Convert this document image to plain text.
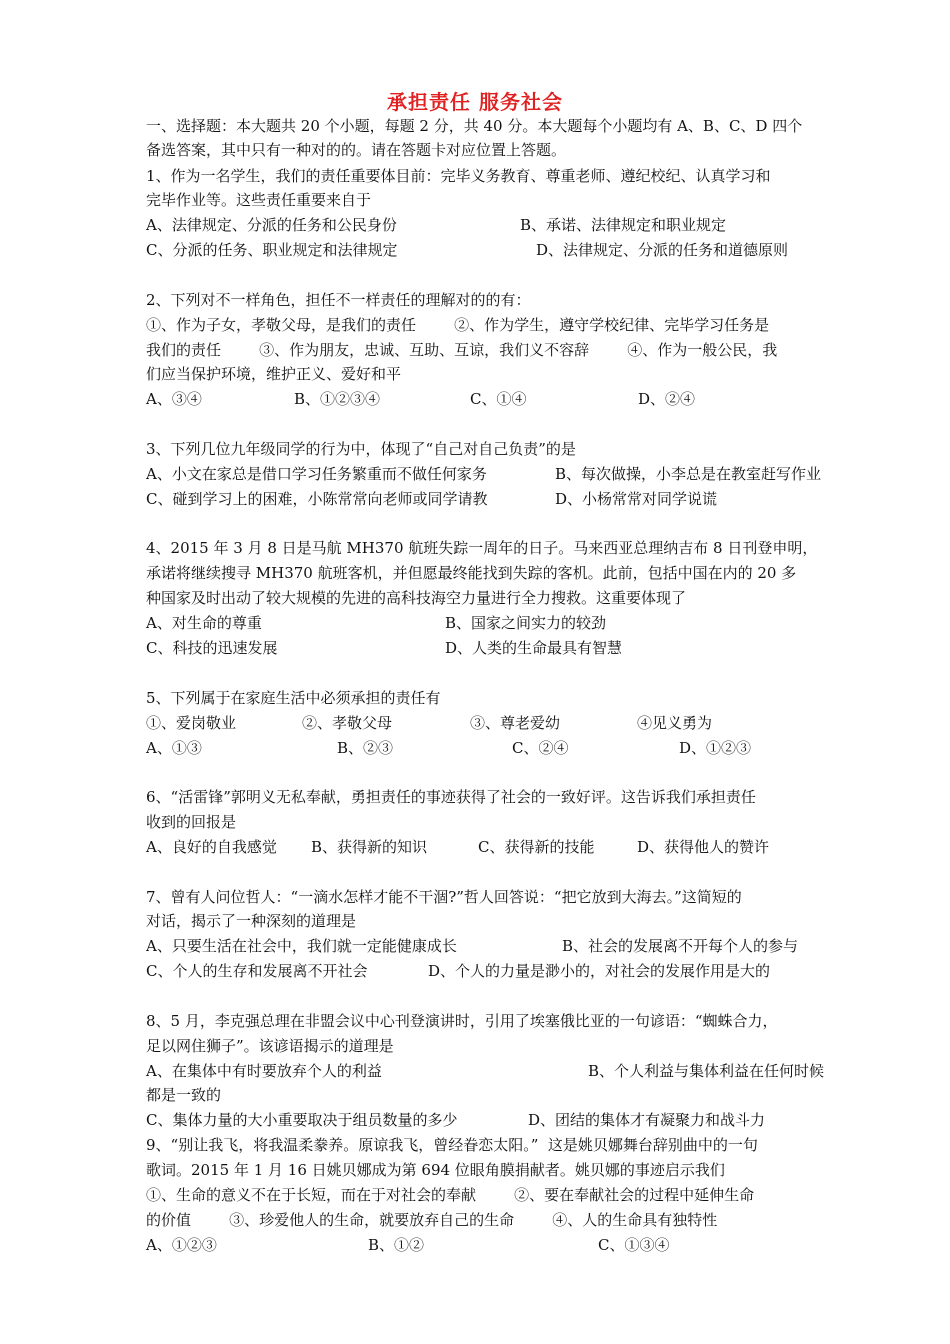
承担责任 服务社会
一、选择题：本大题共 20 个小题，每题 2 分，共 40 分。本大题每个小题均有 A、B、C、D 四个
备选答案，其中只有一种对的的。请在答题卡对应位置上答题。
1、作为一名学生，我们的责任重要体目前：完毕义务教育、尊重老师、遵纪校纪、认真学习和
完毕作业等。这些责任重要来自于
A、法律规定、分派的任务和公民身份	B、承诺、法律规定和职业规定
C、分派的任务、职业规定和法律规定	D、法律规定、分派的任务和道德原则
2、下列对不一样角色，担任不一样责任的理解对的的有：
①、作为子女，孝敬父母，是我们的责任        ②、作为学生，遵守学校纪律、完毕学习任务是
我们的责任        ③、作为朋友，忠诚、互助、互谅，我们义不容辞        ④、作为一般公民，我
们应当保护环境，维护正义、爱好和平
A、③④	B、①②③④	C、①④	D、②④
3、下列几位九年级同学的行为中，体现了“自己对自己负责”的是
A、小文在家总是借口学习任务繁重而不做任何家务	B、每次做操，小李总是在教室赶写作业
C、碰到学习上的困难，小陈常常向老师或同学请教	D、小杨常常对同学说谎
4、2015 年 3 月 8 日是马航 MH370 航班失踪一周年的日子。马来西亚总理纳吉布 8 日刊登申明，
承诺将继续搜寻 MH370 航班客机，并但愿最终能找到失踪的客机。此前，包括中国在内的 20 多
种国家及时出动了较大规模的先进的高科技海空力量进行全力搜救。这重要体现了
A、对生命的尊重	B、国家之间实力的较劲
C、科技的迅速发展	D、人类的生命最具有智慧
5、下列属于在家庭生活中必须承担的责任有
①、爱岗敬业	②、孝敬父母	③、尊老爱幼	④见义勇为
A、①③	B、②③	C、②④	D、①②③
6、“活雷锋”郭明义无私奉献，勇担责任的事迹获得了社会的一致好评。这告诉我们承担责任
收到的回报是
A、良好的自我感觉 B、获得新的知识	C、获得新的技能	D、获得他人的赞许
7、曾有人问位哲人：“一滴水怎样才能不干涸?”哲人回答说：“把它放到大海去。”这简短的
对话，揭示了一种深刻的道理是
A、只要生活在社会中，我们就一定能健康成长	B、社会的发展离不开每个人的参与
C、个人的生存和发展离不开社会	D、个人的力量是渺小的，对社会的发展作用是大的
8、5 月，李克强总理在非盟会议中心刊登演讲时，引用了埃塞俄比亚的一句谚语：“蜘蛛合力，
足以网住狮子”。该谚语揭示的道理是
A、在集体中有时要放弃个人的利益	B、个人利益与集体利益在任何时候
都是一致的
C、集体力量的大小重要取决于组员数量的多少	D、团结的集体才有凝聚力和战斗力
9、“别让我飞，将我温柔豢养。原谅我飞，曾经眷恋太阳。”  这是姚贝娜舞台辞别曲中的一句
歌词。2015 年 1 月 16 日姚贝娜成为第 694 位眼角膜捐献者。姚贝娜的事迹启示我们
①、生命的意义不在于长短，而在于对社会的奉献        ②、要在奉献社会的过程中延伸生命
的价值        ③、珍爱他人的生命，就要放弃自己的生命        ④、人的生命具有独特性
A、①②③	B、①②	C、①③④
